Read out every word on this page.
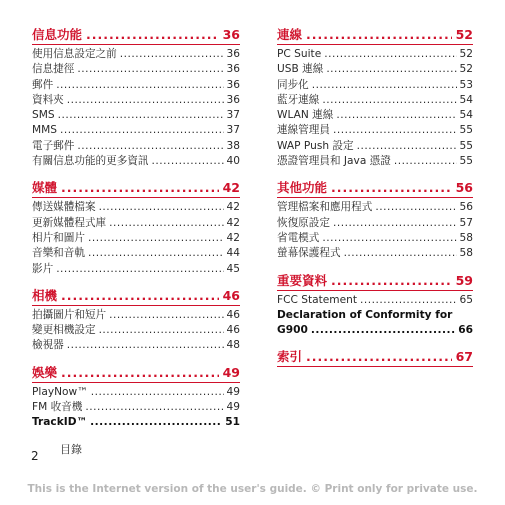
信息功能 .....	36
使用信息設定之前 .....	36
信息捷徑 .....	36
郵件 .....	36
資料夾 .....	36
SMS .....	37
MMS .....	37
電子郵件 .....	38
有關信息功能的更多資訊 .....	40
媒體 .....	42
傳送媒體檔案 .....	42
更新媒體程式庫 .....	42
相片和圖片 .....	42
音樂和音軌 .....	44
影片 .....	45
相機 .....	46
拍攝圖片和短片 .....	46
變更相機設定 .....	46
檢視器 .....	48
娛樂 .....	49
PlayNow™ .....	49
FM 收音機 .....	49
TrackID™ .....	51
連線 .....	52
PC Suite .....	52
USB 連線 .....	52
同步化 .....	53
藍牙連線 .....	54
WLAN 連線 .....	54
連線管理員 .....	55
WAP Push 設定 .....	55
憑證管理員和 Java 憑證 .....	55
其他功能 .....	56
管理檔案和應用程式 .....	56
恢復原設定 .....	57
省電模式 .....	58
螢幕保護程式 .....	58
重要資料 .....	59
FCC Statement .....	65
Declaration of Conformity for
G900 .....	66
索引 .....	67
2 目錄
This is the Internet version of the user's guide. © Print only for private use.
